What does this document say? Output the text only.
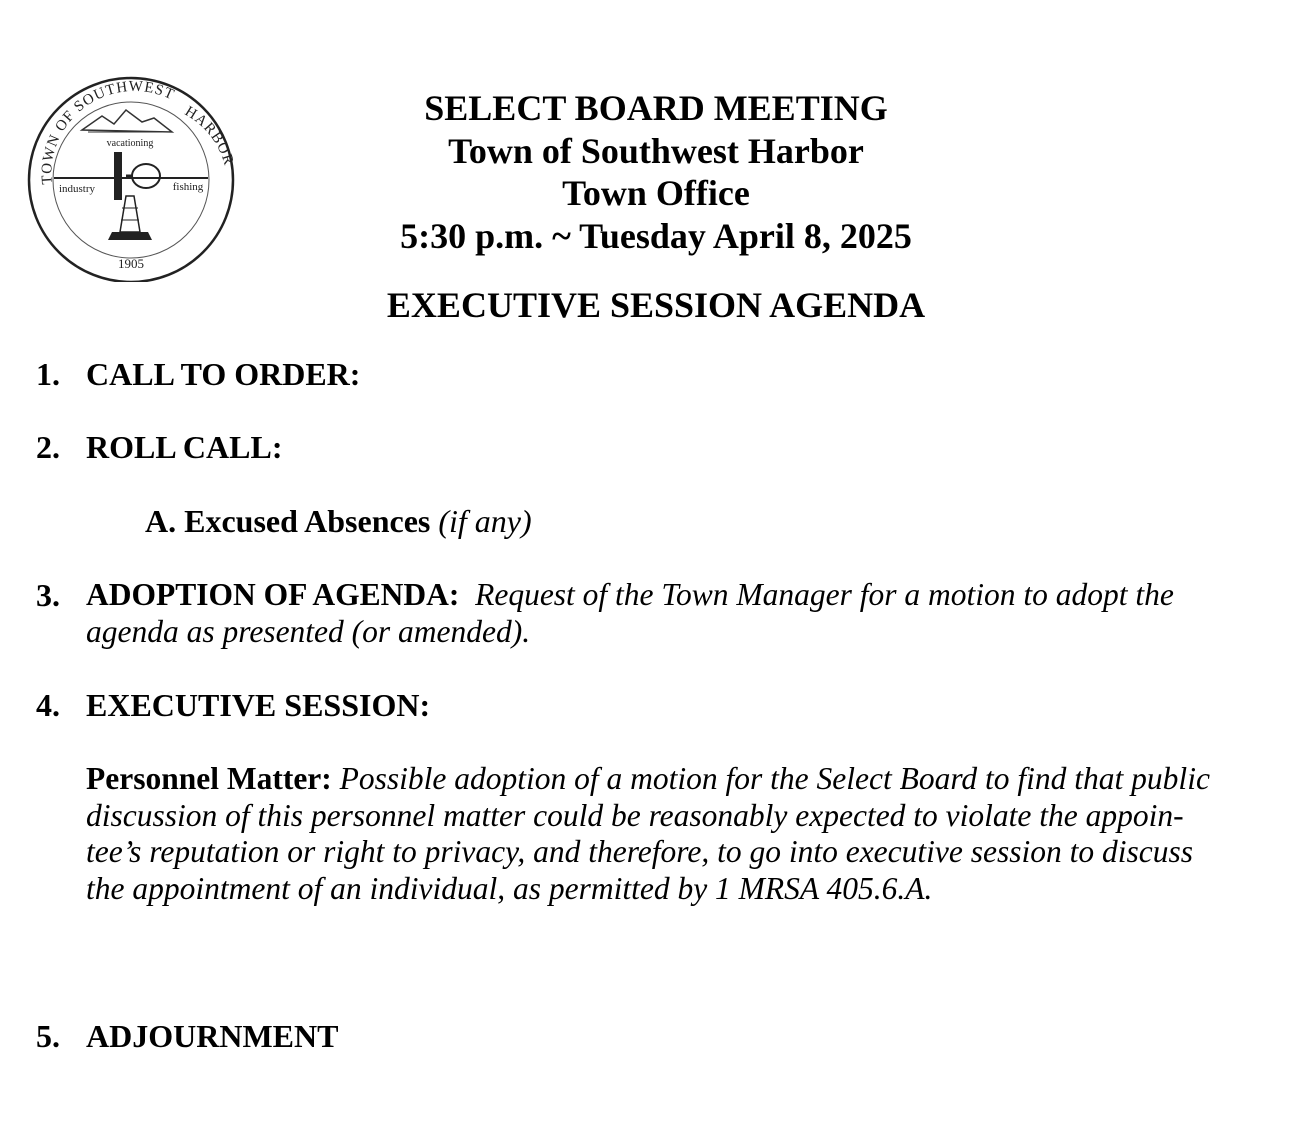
TOWN OF SOUTHWEST
HARBOR
vacationing
industry	fishing
1905
SELECT BOARD MEETING
Town of Southwest Harbor
Town Office
5:30 p.m. ~ Tuesday April 8, 2025
EXECUTIVE SESSION AGENDA
1. CALL TO ORDER:
2. ROLL CALL:
A. Excused Absences (if any)
3. ADOPTION OF AGENDA: Request of the Town Manager for a motion to adopt the
agenda as presented (or amended).
4. EXECUTIVE SESSION:
Personnel Matter: Possible adoption of a motion for the Select Board to find that public
discussion of this personnel matter could be reasonably expected to violate the appoin-
tee’s reputation or right to privacy, and therefore, to go into executive session to discuss
the appointment of an individual, as permitted by 1 MRSA 405.6.A.
5. ADJOURNMENT
